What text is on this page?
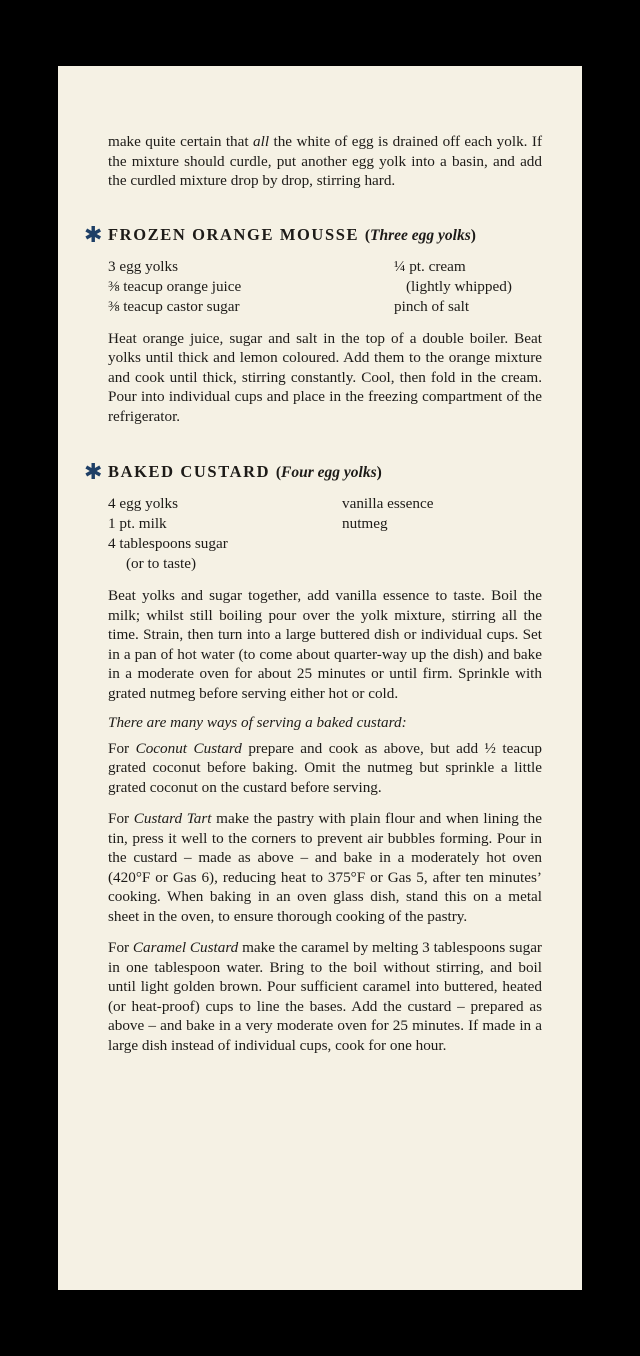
make quite certain that all the white of egg is drained off each yolk. If the mixture should curdle, put another egg yolk into a basin, and add the curdled mixture drop by drop, stirring hard.

✱ FROZEN ORANGE MOUSSE (Three egg yolks)
3 egg yolks
⅜ teacup orange juice
⅜ teacup castor sugar
¼ pt. cream
(lightly whipped)
pinch of salt

Heat orange juice, sugar and salt in the top of a double boiler. Beat yolks until thick and lemon coloured. Add them to the orange mixture and cook until thick, stirring constantly. Cool, then fold in the cream. Pour into individual cups and place in the freezing compartment of the refrigerator.

✱ BAKED CUSTARD (Four egg yolks)
4 egg yolks
1 pt. milk
4 tablespoons sugar
(or to taste)
vanilla essence
nutmeg

Beat yolks and sugar together, add vanilla essence to taste. Boil the milk; whilst still boiling pour over the yolk mixture, stirring all the time. Strain, then turn into a large buttered dish or individual cups. Set in a pan of hot water (to come about quarter-way up the dish) and bake in a moderate oven for about 25 minutes or until firm. Sprinkle with grated nutmeg before serving either hot or cold.

There are many ways of serving a baked custard:

For Coconut Custard prepare and cook as above, but add ½ teacup grated coconut before baking. Omit the nutmeg but sprinkle a little grated coconut on the custard before serving.

For Custard Tart make the pastry with plain flour and when lining the tin, press it well to the corners to prevent air bubbles forming. Pour in the custard – made as above – and bake in a moderately hot oven (420°F or Gas 6), reducing heat to 375°F or Gas 5, after ten minutes’ cooking. When baking in an oven glass dish, stand this on a metal sheet in the oven, to ensure thorough cooking of the pastry.

For Caramel Custard make the caramel by melting 3 tablespoons sugar in one tablespoon water. Bring to the boil without stirring, and boil until light golden brown. Pour sufficient caramel into buttered, heated (or heat-proof) cups to line the bases. Add the custard – prepared as above – and bake in a very moderate oven for 25 minutes. If made in a large dish instead of individual cups, cook for one hour.
